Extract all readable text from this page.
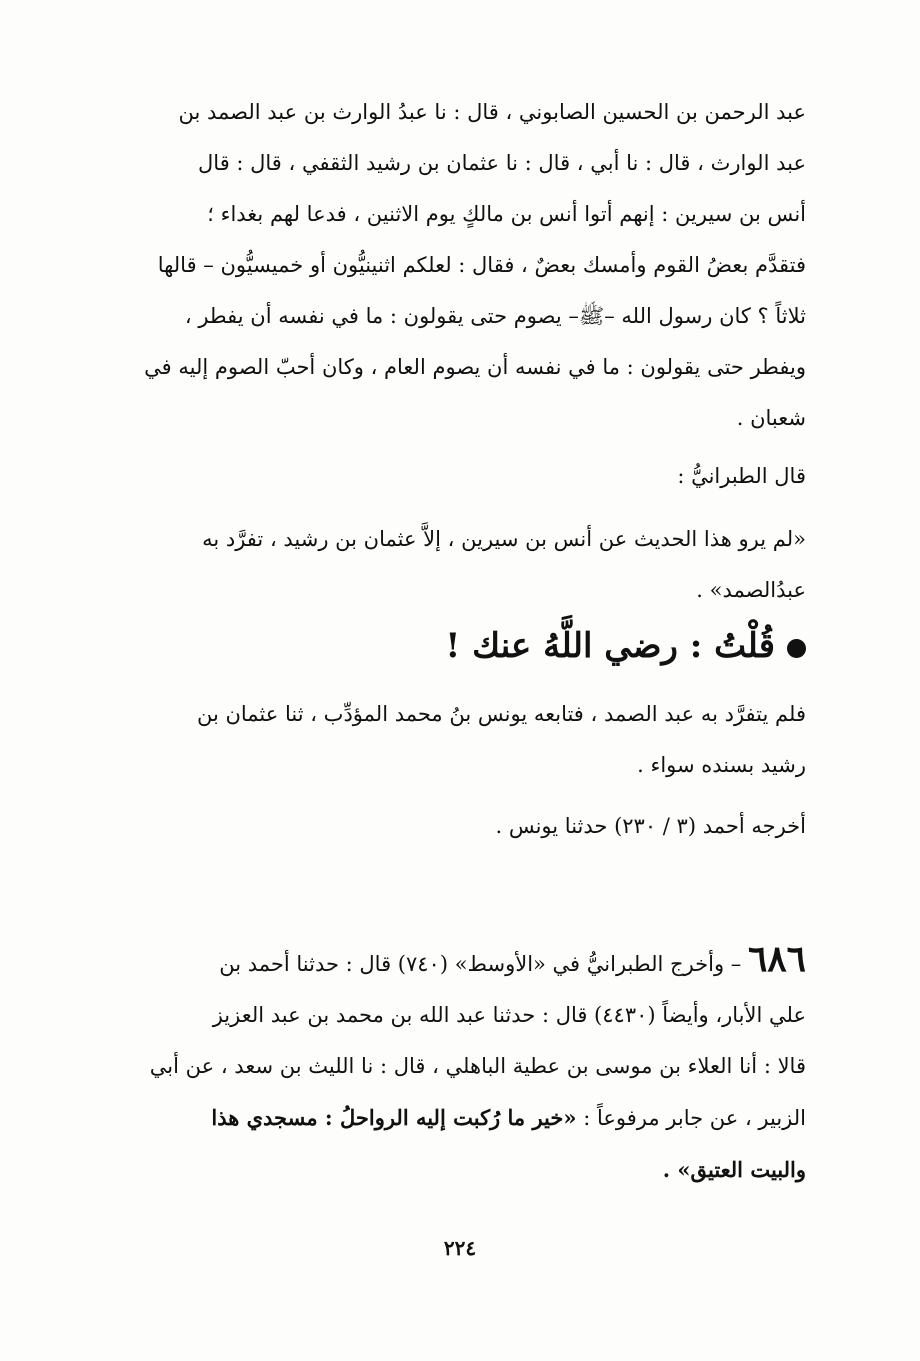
عبد الرحمن بن الحسين الصابوني ، قال : نا عبدُ الوارث بن عبد الصمد بن
عبد الوارث ، قال : نا أبي ، قال : نا عثمان بن رشيد الثقفي ، قال : قال
أنس بن سيرين : إنهم أتوا أنس بن مالكٍ يوم الاثنين ، فدعا لهم بغداء ؛
فتقدَّم بعضُ القوم وأمسك بعضٌ ، فقال : لعلكم اثنينيُّون أو خميسيُّون – قالها
ثلاثاً ؟ كان رسول الله –ﷺ– يصوم حتى يقولون : ما في نفسه أن يفطر ،
ويفطر حتى يقولون : ما في نفسه أن يصوم العام ، وكان أحبّ الصوم إليه في
شعبان .
قال الطبرانيُّ :
«لم يرو هذا الحديث عن أنس بن سيرين ، إلاَّ عثمان بن رشيد ، تفرَّد به
عبدُالصمد» .
قُلْتُ : رضي اللَّهُ عنك !
فلم يتفرَّد به عبد الصمد ، فتابعه يونس بنُ محمد المؤدِّب ، ثنا عثمان بن
رشيد بسنده سواء .
أخرجه أحمد (٣ / ٢٣٠) حدثنا يونس .
٦٨٦ – وأخرج الطبرانيُّ في «الأوسط» (٧٤٠) قال : حدثنا أحمد بن
علي الأبار، وأيضاً (٤٤٣٠) قال : حدثنا عبد الله بن محمد بن عبد العزيز
قالا : أنا العلاء بن موسى بن عطية الباهلي ، قال : نا الليث بن سعد ، عن أبي
الزبير ، عن جابر مرفوعاً : «خير ما رُكبت إليه الرواحلُ : مسجدي هذا
والبيت العتيق» .
٢٢٤
